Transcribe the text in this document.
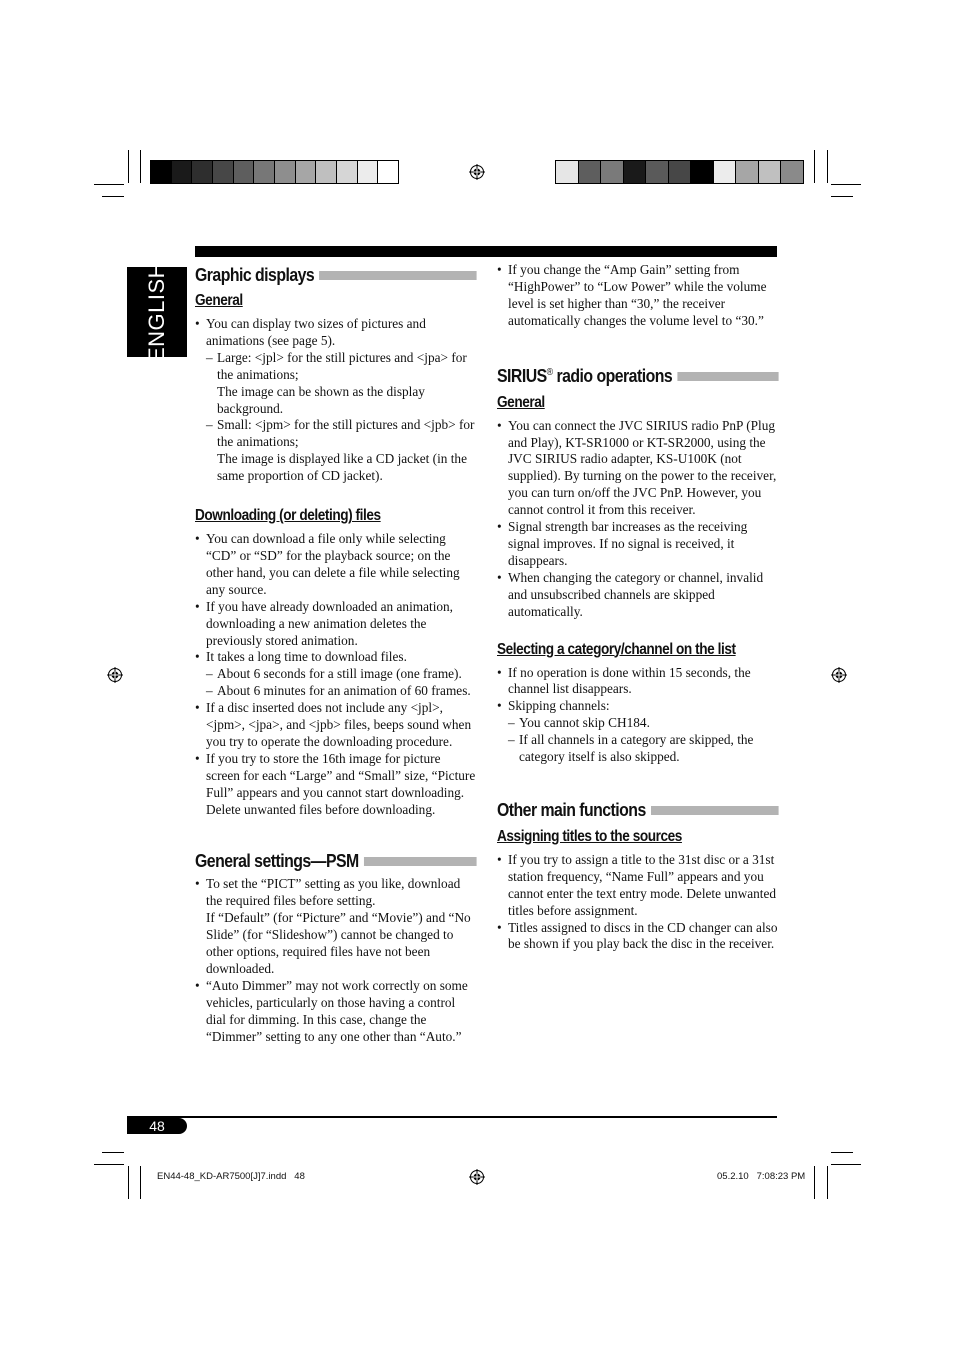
ENGLISH Graphic displays
General
• You can display two sizes of pictures and animations (see page 5).
– Large: <jpl> for the still pictures and <jpa> for the animations;
The image can be shown as the display background.
– Small: <jpm> for the still pictures and <jpb> for the animations;
The image is displayed like a CD jacket (in the same proportion of CD jacket).
Downloading (or deleting) files
• You can download a file only while selecting “CD” or “SD” for the playback source; on the other hand, you can delete a file while selecting any source.
• If you have already downloaded an animation, downloading a new animation deletes the previously stored animation.
• It takes a long time to download files.
– About 6 seconds for a still image (one frame).
– About 6 minutes for an animation of 60 frames.
• If a disc inserted does not include any <jpl>, <jpm>, <jpa>, and <jpb> files, beeps sound when you try to operate the downloading procedure.
• If you try to store the 16th image for picture screen for each “Large” and “Small” size, “Picture Full” appears and you cannot start downloading. Delete unwanted files before downloading.
General settings—PSM
• To set the “PICT” setting as you like, download the required files before setting.
If “Default” (for “Picture” and “Movie”) and “No Slide” (for “Slideshow”) cannot be changed to other options, required files have not been downloaded.
• “Auto Dimmer” may not work correctly on some vehicles, particularly on those having a control dial for dimming. In this case, change the “Dimmer” setting to any one other than “Auto.”
• If you change the “Amp Gain” setting from “HighPower” to “Low Power” while the volume level is set higher than “30,” the receiver automatically changes the volume level to “30.”
SIRIUS® radio operations
General
• You can connect the JVC SIRIUS radio PnP (Plug and Play), KT-SR1000 or KT-SR2000, using the JVC SIRIUS radio adapter, KS-U100K (not supplied). By turning on the power to the receiver, you can turn on/off the JVC PnP. However, you cannot control it from this receiver.
• Signal strength bar increases as the receiving signal improves. If no signal is received, it disappears.
• When changing the category or channel, invalid and unsubscribed channels are skipped automatically.
Selecting a category/channel on the list
• If no operation is done within 15 seconds, the channel list disappears.
• Skipping channels:
– You cannot skip CH184.
– If all channels in a category are skipped, the category itself is also skipped.
Other main functions
Assigning titles to the sources
• If you try to assign a title to the 31st disc or a 31st station frequency, “Name Full” appears and you cannot enter the text entry mode. Delete unwanted titles before assignment.
• Titles assigned to discs in the CD changer can also be shown if you play back the disc in the receiver.
48
EN44-48_KD-AR7500[J]7.indd   48	05.2.10   7:08:23 PM
